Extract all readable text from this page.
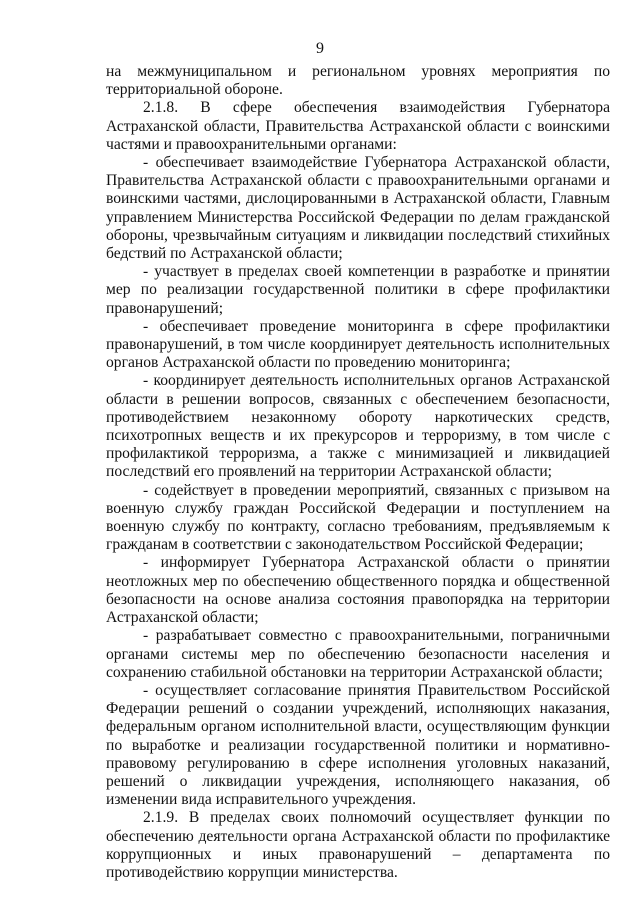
9

на межмуниципальном и региональном уровнях мероприятия по территориальной обороне.

2.1.8. В сфере обеспечения взаимодействия Губернатора Астраханской области, Правительства Астраханской области с воинскими частями и правоохранительными органами:

- обеспечивает взаимодействие Губернатора Астраханской области, Правительства Астраханской области с правоохранительными органами и воинскими частями, дислоцированными в Астраханской области, Главным управлением Министерства Российской Федерации по делам гражданской обороны, чрезвычайным ситуациям и ликвидации последствий стихийных бедствий по Астраханской области;

- участвует в пределах своей компетенции в разработке и принятии мер по реализации государственной политики в сфере профилактики правонарушений;

- обеспечивает проведение мониторинга в сфере профилактики правонарушений, в том числе координирует деятельность исполнительных органов Астраханской области по проведению мониторинга;

- координирует деятельность исполнительных органов Астраханской области в решении вопросов, связанных с обеспечением безопасности, противодействием незаконному обороту наркотических средств, психотропных веществ и их прекурсоров и терроризму, в том числе с профилактикой терроризма, а также с минимизацией и ликвидацией последствий его проявлений на территории Астраханской области;

- содействует в проведении мероприятий, связанных с призывом на военную службу граждан Российской Федерации и поступлением на военную службу по контракту, согласно требованиям, предъявляемым к гражданам в соответствии с законодательством Российской Федерации;

- информирует Губернатора Астраханской области о принятии неотложных мер по обеспечению общественного порядка и общественной безопасности на основе анализа состояния правопорядка на территории Астраханской области;

- разрабатывает совместно с правоохранительными, пограничными органами системы мер по обеспечению безопасности населения и сохранению стабильной обстановки на территории Астраханской области;

- осуществляет согласование принятия Правительством Российской Федерации решений о создании учреждений, исполняющих наказания, федеральным органом исполнительной власти, осуществляющим функции по выработке и реализации государственной политики и нормативно-правовому регулированию в сфере исполнения уголовных наказаний, решений о ликвидации учреждения, исполняющего наказания, об изменении вида исправительного учреждения.

2.1.9. В пределах своих полномочий осуществляет функции по обеспечению деятельности органа Астраханской области по профилактике коррупционных и иных правонарушений – департамента по противодействию коррупции министерства.
